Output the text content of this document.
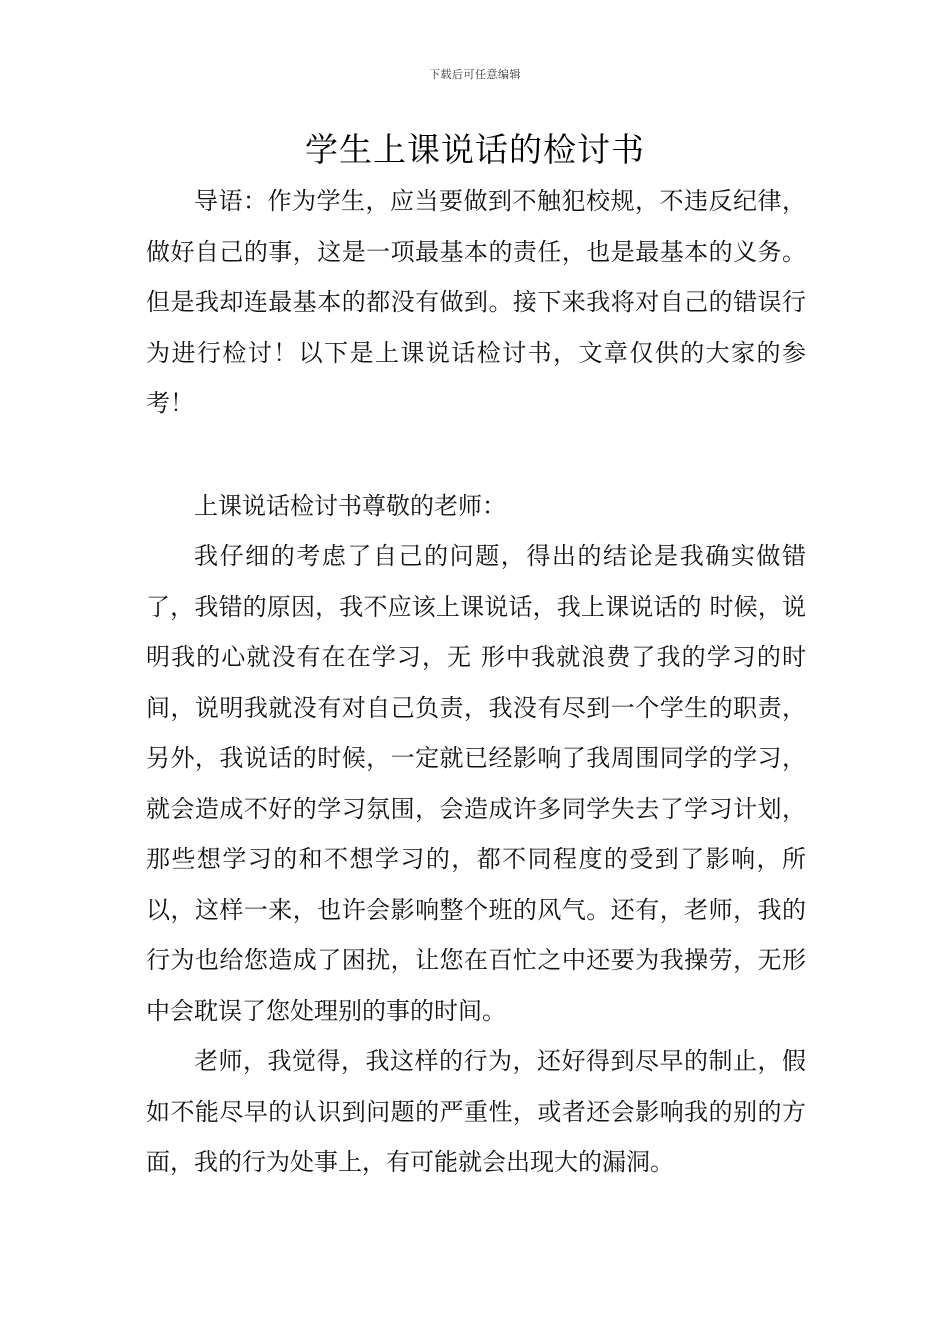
下载后可任意编辑
学生上课说话的检讨书

导语：作为学生，应当要做到不触犯校规，不违反纪律，做好自己的事，这是一项最基本的责任，也是最基本的义务。但是我却连最基本的都没有做到。接下来我将对自己的错误行为进行检讨！以下是上课说话检讨书，文章仅供的大家的参考！

上课说话检讨书尊敬的老师：

我仔细的考虑了自己的问题，得出的结论是我确实做错了，我错的原因，我不应该上课说话，我上课说话的 时候，说明我的心就没有在在学习，无 形中我就浪费了我的学习的时间，说明我就没有对自己负责，我没有尽到一个学生的职责，另外，我说话的时候，一定就已经影响了我周围同学的学习，就会造成不好的学习氛围，会造成许多同学失去了学习计划，那些想学习的和不想学习的，都不同程度的受到了影响，所以，这样一来，也许会影响整个班的风气。还有，老师，我的行为也给您造成了困扰，让您在百忙之中还要为我操劳，无形中会耽误了您处理别的事的时间。

老师，我觉得，我这样的行为，还好得到尽早的制止，假如不能尽早的认识到问题的严重性，或者还会影响我的别的方面，我的行为处事上，有可能就会出现大的漏洞。
